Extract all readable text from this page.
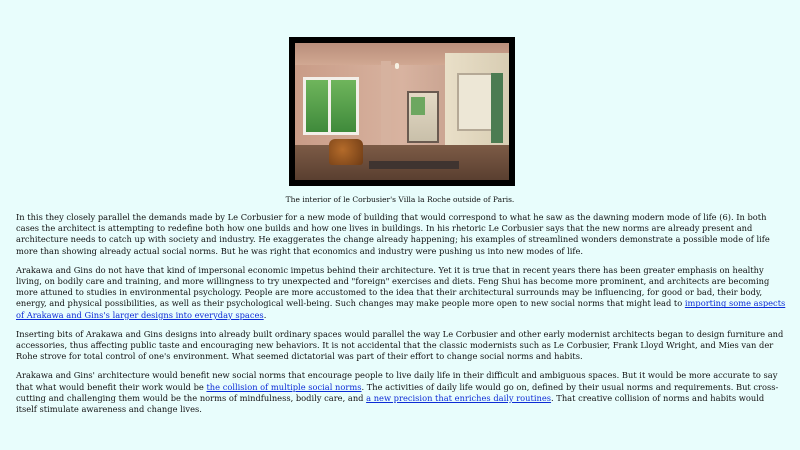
The interior of le Corbusier's Villa la Roche outside of Paris.

In this they closely parallel the demands made by Le Corbusier for a new mode of building that would correspond to what he saw as the dawning modern mode of life (6). In both cases the architect is attempting to redefine both how one builds and how one lives in buildings. In his rhetoric Le Corbusier says that the new norms are already present and architecture needs to catch up with society and industry. He exaggerates the change already happening; his examples of streamlined wonders demonstrate a possible mode of life more than showing already actual social norms. But he was right that economics and industry were pushing us into new modes of life.

Arakawa and Gins do not have that kind of impersonal economic impetus behind their architecture. Yet it is true that in recent years there has been greater emphasis on healthy living, on bodily care and training, and more willingness to try unexpected and "foreign" exercises and diets. Feng Shui has become more prominent, and architects are becoming more attuned to studies in environmental psychology. People are more accustomed to the idea that their architectural surrounds may be influencing, for good or bad, their body, energy, and physical possibilities, as well as their psychological well-being. Such changes may make people more open to new social norms that might lead to importing some aspects of Arakawa and Gins's larger designs into everyday spaces.

Inserting bits of Arakawa and Gins designs into already built ordinary spaces would parallel the way Le Corbusier and other early modernist architects began to design furniture and accessories, thus affecting public taste and encouraging new behaviors. It is not accidental that the classic modernists such as Le Corbusier, Frank Lloyd Wright, and Mies van der Rohe strove for total control of one's environment. What seemed dictatorial was part of their effort to change social norms and habits.

Arakawa and Gins' architecture would benefit new social norms that encourage people to live daily life in their difficult and ambiguous spaces. But it would be more accurate to say that what would benefit their work would be the collision of multiple social norms. The activities of daily life would go on, defined by their usual norms and requirements. But cross-cutting and challenging them would be the norms of mindfulness, bodily care, and a new precision that enriches daily routines. That creative collision of norms and habits would itself stimulate awareness and change lives.
